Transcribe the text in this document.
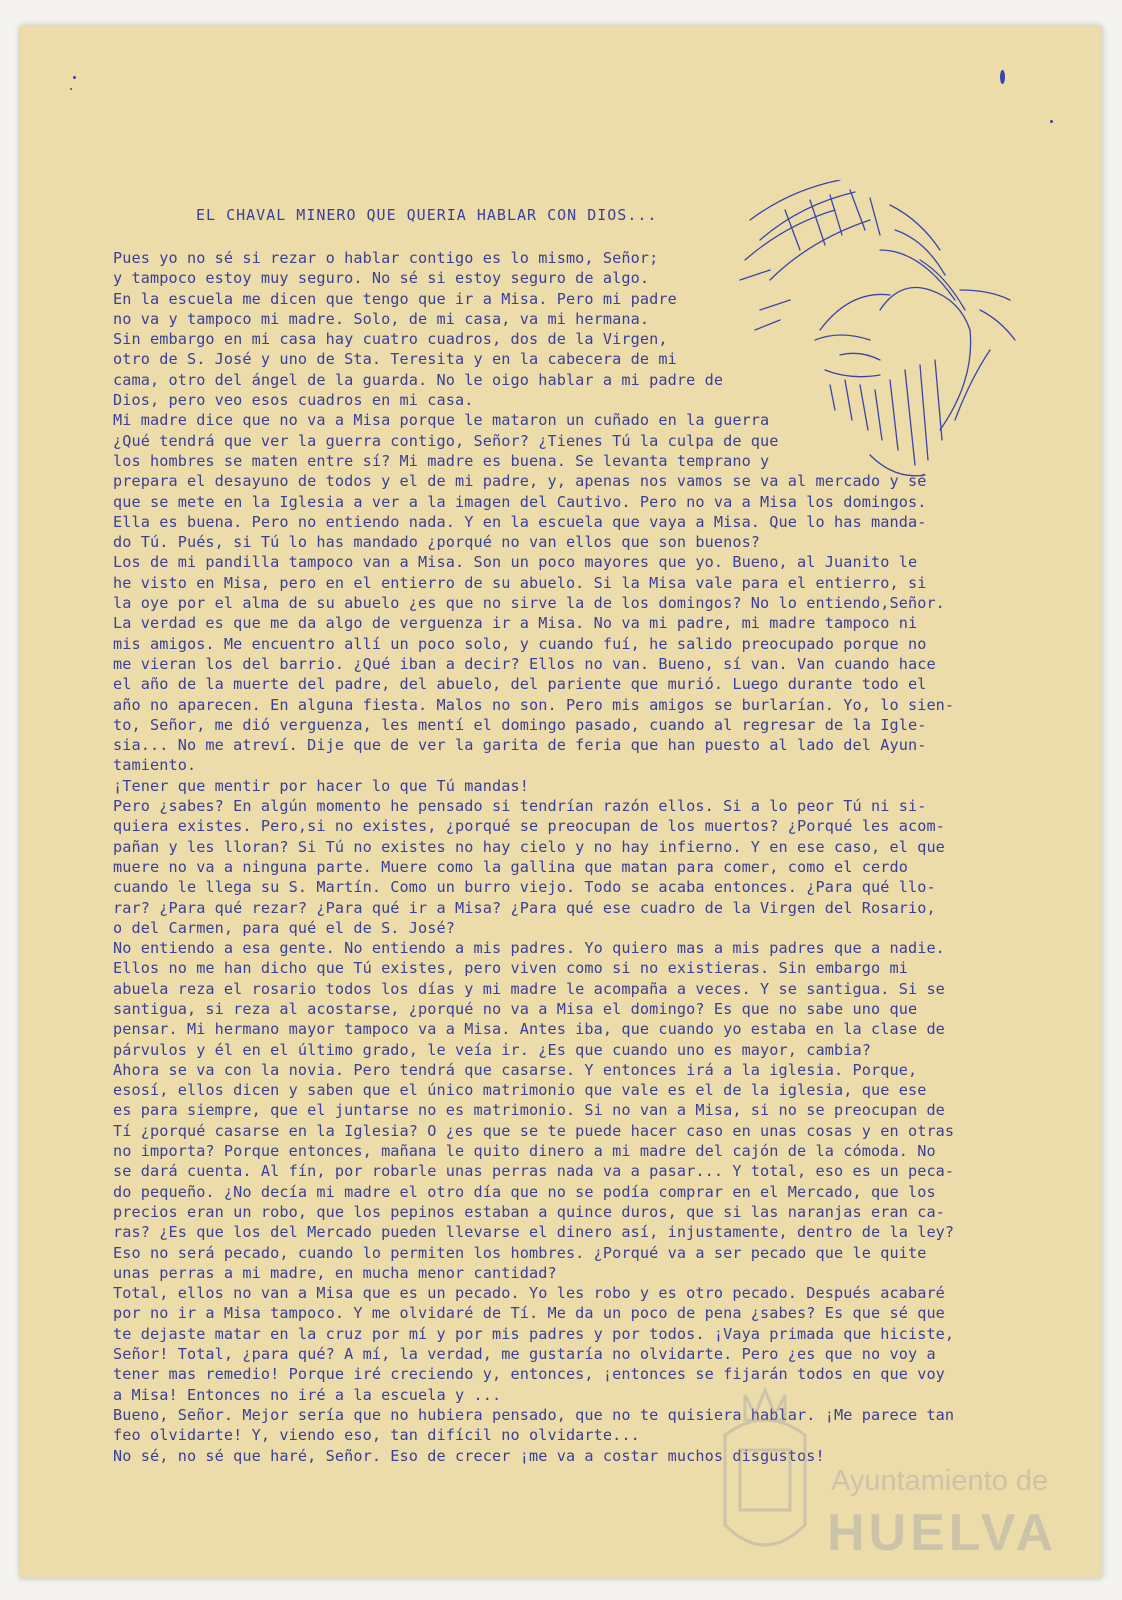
EL CHAVAL MINERO QUE QUERIA HABLAR CON DIOS...
Pues yo no sé si rezar o hablar contigo es lo mismo, Señor;
y tampoco estoy muy seguro. No sé si estoy seguro de algo.
En la escuela me dicen que tengo que ir a Misa. Pero mi padre
no va y tampoco mi madre. Solo, de mi casa, va mi hermana.
Sin embargo en mi casa hay cuatro cuadros, dos de la Virgen,
otro de S. José y uno de Sta. Teresita y en la cabecera de mi
cama, otro del ángel de la guarda. No le oigo hablar a mi padre de
Dios, pero veo esos cuadros en mi casa.
Mi madre dice que no va a Misa porque le mataron un cuñado en la guerra
¿Qué tendrá que ver la guerra contigo, Señor? ¿Tienes Tú la culpa de que
los hombres se maten entre sí? Mi madre es buena. Se levanta temprano y
prepara el desayuno de todos y el de mi padre, y, apenas nos vamos se va al mercado y sé
que se mete en la Iglesia a ver a la imagen del Cautivo. Pero no va a Misa los domingos.
Ella es buena. Pero no entiendo nada. Y en la escuela que vaya a Misa. Que lo has manda-
do Tú. Pués, si Tú lo has mandado ¿porqué no van ellos que son buenos?
Los de mi pandilla tampoco van a Misa. Son un poco mayores que yo. Bueno, al Juanito le
he visto en Misa, pero en el entierro de su abuelo. Si la Misa vale para el entierro, si
la oye por el alma de su abuelo ¿es que no sirve la de los domingos? No lo entiendo,Señor.
La verdad es que me da algo de verguenza ir a Misa. No va mi padre, mi madre tampoco ni
mis amigos. Me encuentro allí un poco solo, y cuando fuí, he salido preocupado porque no
me vieran los del barrio. ¿Qué iban a decir? Ellos no van. Bueno, sí van. Van cuando hace
el año de la muerte del padre, del abuelo, del pariente que murió. Luego durante todo el
año no aparecen. En alguna fiesta. Malos no son. Pero mis amigos se burlarían. Yo, lo sien-
to, Señor, me dió verguenza, les mentí el domingo pasado, cuando al regresar de la Igle-
sia... No me atreví. Dije que de ver la garita de feria que han puesto al lado del Ayun-
tamiento.
¡Tener que mentir por hacer lo que Tú mandas!
Pero ¿sabes? En algún momento he pensado si tendrían razón ellos. Si a lo peor Tú ni si-
quiera existes. Pero,si no existes, ¿porqué se preocupan de los muertos? ¿Porqué les acom-
pañan y les lloran? Si Tú no existes no hay cielo y no hay infierno. Y en ese caso, el que
muere no va a ninguna parte. Muere como la gallina que matan para comer, como el cerdo
cuando le llega su S. Martín. Como un burro viejo. Todo se acaba entonces. ¿Para qué llo-
rar? ¿Para qué rezar? ¿Para qué ir a Misa? ¿Para qué ese cuadro de la Virgen del Rosario,
o del Carmen, para qué el de S. José?
No entiendo a esa gente. No entiendo a mis padres. Yo quiero mas a mis padres que a nadie.
Ellos no me han dicho que Tú existes, pero viven como si no existieras. Sin embargo mi
abuela reza el rosario todos los días y mi madre le acompaña a veces. Y se santigua. Si se
santigua, si reza al acostarse, ¿porqué no va a Misa el domingo? Es que no sabe uno que
pensar. Mi hermano mayor tampoco va a Misa. Antes iba, que cuando yo estaba en la clase de
párvulos y él en el último grado, le veía ir. ¿Es que cuando uno es mayor, cambia?
Ahora se va con la novia. Pero tendrá que casarse. Y entonces irá a la iglesia. Porque,
esosí, ellos dicen y saben que el único matrimonio que vale es el de la iglesia, que ese
es para siempre, que el juntarse no es matrimonio. Si no van a Misa, si no se preocupan de
Tí ¿porqué casarse en la Iglesia? O ¿es que se te puede hacer caso en unas cosas y en otras
no importa? Porque entonces, mañana le quito dinero a mi madre del cajón de la cómoda. No
se dará cuenta. Al fín, por robarle unas perras nada va a pasar... Y total, eso es un peca-
do pequeño. ¿No decía mi madre el otro día que no se podía comprar en el Mercado, que los
precios eran un robo, que los pepinos estaban a quince duros, que si las naranjas eran ca-
ras? ¿Es que los del Mercado pueden llevarse el dinero así, injustamente, dentro de la ley?
Eso no será pecado, cuando lo permiten los hombres. ¿Porqué va a ser pecado que le quite
unas perras a mi madre, en mucha menor cantidad?
Total, ellos no van a Misa que es un pecado. Yo les robo y es otro pecado. Después acabaré
por no ir a Misa tampoco. Y me olvidaré de Tí. Me da un poco de pena ¿sabes? Es que sé que
te dejaste matar en la cruz por mí y por mis padres y por todos. ¡Vaya primada que hiciste,
Señor! Total, ¿para qué? A mí, la verdad, me gustaría no olvidarte. Pero ¿es que no voy a
tener mas remedio! Porque iré creciendo y, entonces, ¡entonces se fijarán todos en que voy
a Misa! Entonces no iré a la escuela y ...
Bueno, Señor. Mejor sería que no hubiera pensado, que no te quisiera hablar. ¡Me parece tan
feo olvidarte! Y, viendo eso, tan difícil no olvidarte...
No sé, no sé que haré, Señor. Eso de crecer ¡me va a costar muchos disgustos!
Ayuntamiento de
HUELVA
